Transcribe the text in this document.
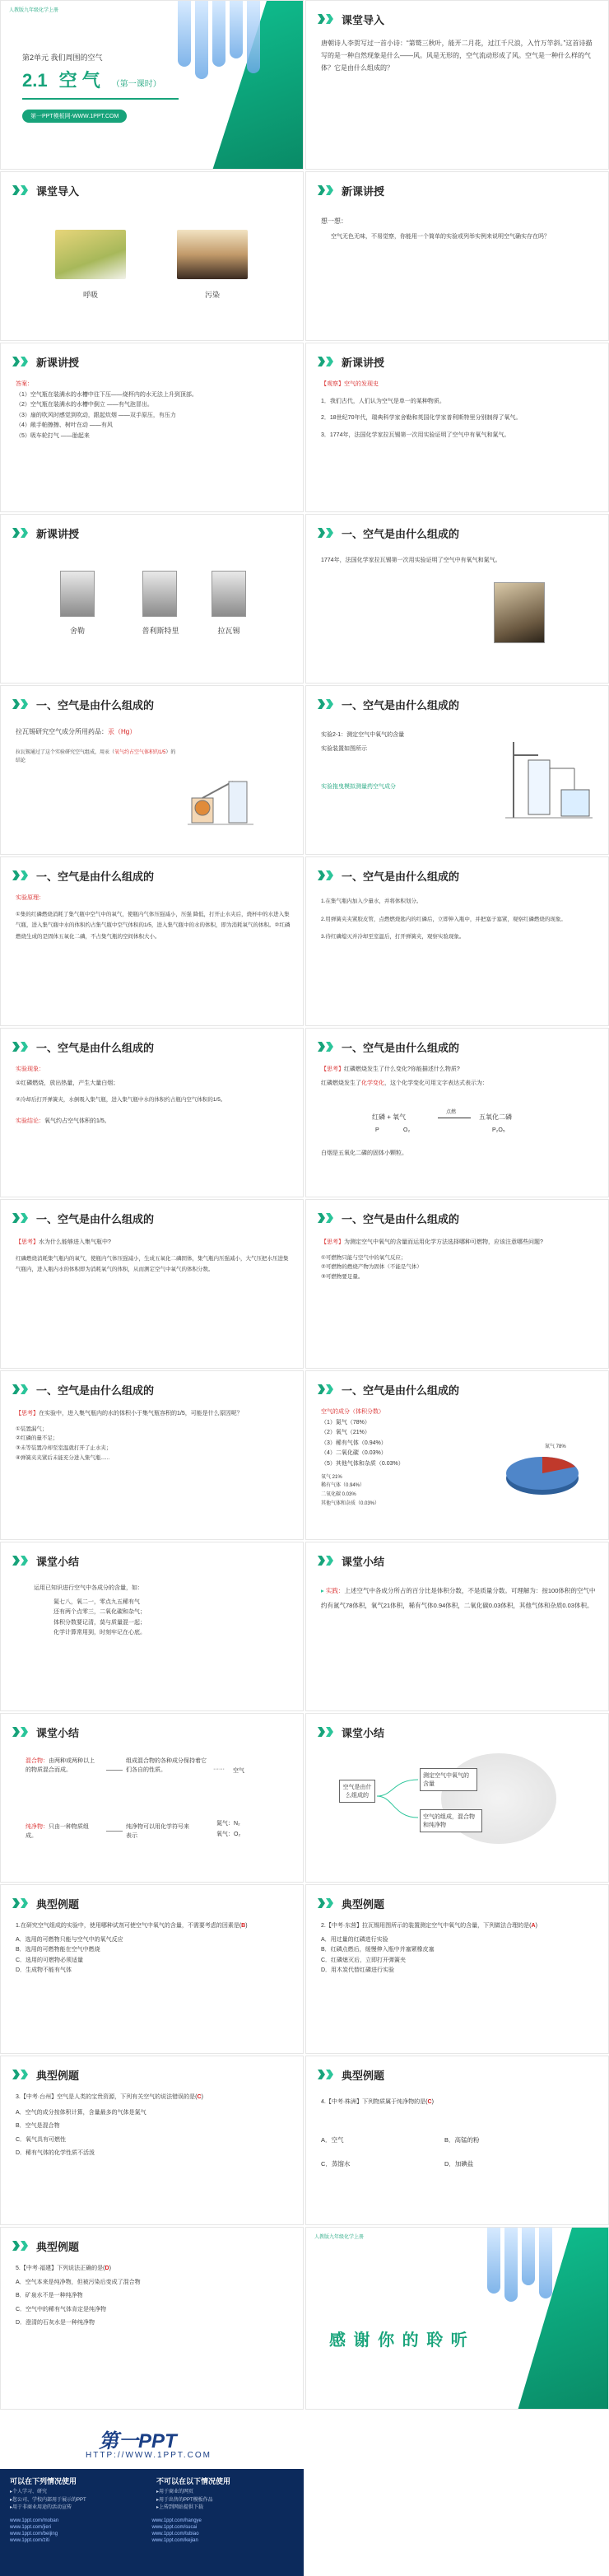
人教版九年级化学上册
第2单元 我们周围的空气
2.1 空 气 （第一课时）
第一PPT模板网-WWW.1PPT.COM
课堂导入
唐朝诗人李贺写过一首小诗：“第鹫三秋叶，能开二月花，过江千尺浪，入竹万竿斜。”这首诗描写的是一种自然现象是什么——风。风是无形的，空气流动形成了风。空气是一种什么样的气体？它是由什么组成的？
课堂导入
呼吸	污染
新课讲授
想一想：
空气无色无味，不易觉察，你能用一个简单的实验或列举实例来说明空气确实存在吗？
新课讲授
答案：
（1）空气瓶在装满水的水槽中往下压——烧杯内的水无法上升到顶部。
（2）空气瓶在装满水的水槽中倒立 ——有气泡冒出。
（3）扇的吹风时感觉到吹动，跟起炊烟 ——双手原压，有压力
（4）敞手帕擦擦、树叶在动 ——有风
（5）吸车轮打气 ——胎起来
新课讲授
【观察】空气的发现史
1．我们古代，人们认为空气是单一的某种物质。
2．18世纪70年代，瑞典科学家舍勒和英国化学家普利斯特里分别制得了氧气。
3．1774年，法国化学家拉瓦锡第一次用实验证明了空气中有氧气和氮气。
新课讲授
舍勒	普利斯特里	拉瓦锡
一、空气是由什么组成的
1774年，法国化学家拉瓦锡第一次用实验证明了空气中有氧气和氮气。
一、空气是由什么组成的
拉瓦锡研究空气成分所用药品：汞（Hg）
拉瓦锡通过了这个实验研究空气组成，用汞（氧气约占空气体积的1/5）的结论
一、空气是由什么组成的
实验2-1：测定空气中氧气的含量
实验装置如图所示
实验拖曳模拟测量药空气成分
一、空气是由什么组成的
实验原理：
①集的红磷燃烧消耗了集气瓶中空气中的氧气，使瓶内气体压强减小，压强 降低，打开止水夹后，烧杯中的水进入集气瓶，进入集气瓶中水的体积约占集气瓶中空气体积的1/5，进入集气瓶中的水的体积，即为消耗氧气的体积。②红磷燃烧生成的是固体五氧化二磷，不占集气瓶的空间体积大小。
一、空气是由什么组成的
1.在集气瓶内加入少量水，并将体积划分。
2.用弹簧夹夹紧胶皮管，点燃燃烧匙内的红磷后，立即伸入瓶中，并把塞子塞紧，观察红磷燃烧的现象。
3.待红磷熄灭并冷却至室温后，打开弹簧夹，观察实验现象。
一、空气是由什么组成的
实验现象：
①红磷燃烧，放出热量，产生大量白烟；
②冷却后打开弹簧夹，水倒吸入集气瓶，进入集气瓶中水的体积约占瓶内空气体积的1/5。
实验结论：氧气约占空气体积的1/5。
一、空气是由什么组成的
【思考】红磷燃烧发生了什么变化?你能描述什么物质?
红磷燃烧发生了化学变化，这个化学变化可用文字表达式表示为：
红磷 + 氧气
点燃
五氧化二磷
P	O₂	P₂O₅
白烟是五氧化二磷的固体小颗粒。
一、空气是由什么组成的
【思考】水为什么能够进入集气瓶中?
红磷燃烧消耗集气瓶内的氧气，使瓶内气体压强减小，生成五氧化二磷固体，集气瓶内压强减小，大气压把水压进集气瓶内，进入瓶内水的体积即为消耗氧气的体积，从而测定空气中氧气的体积分数。
一、空气是由什么组成的
【思考】为测定空气中氧气的含量而运用化学方法选择哪种可燃物，应该注意哪些问题?
①可燃物只能与空气中的氧气反应；
②可燃物的燃烧产物为固体（不能是气体）
③可燃物要足量。
一、空气是由什么组成的
【思考】在实验中，进入集气瓶内的水的体积小于集气瓶容积的1/5，可能是什么原因呢？
①装置漏气；
②红磷的量不足；
③未等装置冷却至室温就打开了止水夹；
④弹簧夹夹紧后未能充分进入集气瓶......
一、空气是由什么组成的
空气的成分（体积分数）
（1）氮气（78%）
（2）氧气（21%）
（3）稀有气体（0.94%）
（4）二氧化碳（0.03%）
（5）其他气体和杂质（0.03%）
氧气 21%
稀有气体（0.94%）
二氧化碳 0.03%
其他气体和杂质（0.03%）
氮气 78%
课堂小结
运用已知识进行空气中各成分的含量，如：
氮七八，氧二一，零点九五稀有气
还有两个点零三，二氧化碳和杂气；
体积分数要记清，莫与质量混一起；
化学计算常用到，时刻牢记在心底。
课堂小结
▸ 实践：上述空气中各成分所占的百分比是体积分数，不是质量分数。可理解为：按100体积的空气中约有氮气78体积，氧气21体积，稀有气体0.94体积，二氧化碳0.03体积，其他气体和杂质0.03体积。
课堂小结
混合物：由两种或两种以上的物质混合而成。
组成混合物的各种成分保持着它们各自的性质。	······ 空气
纯净物：只由一种物质组成。
纯净物可以用化学符号来表示
氮气：N₂
氧气：O₂
课堂小结
空气是由什么组成的
测定空气中氧气的含量
空气的组成，混合物和纯净物
典型例题
1.在研究空气组成的实验中，使用哪种试剂可使空气中氧气的含量，不需要考虑的因素是(B)
A．选用的可燃物只能与空气中的氧气反应
B．选用的可燃物能在空气中燃烧
C．选用的可燃物必须适量
D．生成物不能有气体
典型例题
2.【中考·东营】拉瓦锡用图所示的装置测定空气中氧气的含量，下列做法合理的是(A)
A．用过量的红磷进行实验
B．红磷点燃后，缓慢伸入瓶中并塞紧橡皮塞
C．红磷熄灭后，立即打开弹簧夹
D．用木炭代替红磷进行实验
典型例题
3.【中考·台州】空气是人类的宝贵资源，下列有关空气的说法错误的是(C)
A．空气的成分按体积计算，含量最多的气体是氮气
B．空气是混合物
C．氧气具有可燃性
D．稀有气体的化学性质不活泼
典型例题
4.【中考·株洲】下列物质属于纯净物的是(C)
A．空气	B．高锰的粉
C．蒸馏水	D．加碘盐
典型例题
5.【中考·福建】下列说法正确的是(D)
A．空气本来是纯净物，但被污染后变成了混合物
B．矿泉水不是一种纯净物
C．空气中的稀有气体肯定是纯净物
D．澄清的石灰水是一种纯净物
人教版九年级化学上册
感 谢 你 的 聆 听
第一PPT
HTTP://WWW.1PPT.COM
可以在下列情况使用	不可以在以下情况使用
▸个人学习、研究
▸您公司、学校内部用于展示的PPT
▸用于非商业用途的活动宣传
▸用于商业的网页
▸用于出售的PPT模板作品
▸上传到网站提供下载
www.1ppt.com/moban	www.1ppt.com/hangye
www.1ppt.com/jieri	www.1ppt.com/sucai
www.1ppt.com/beijing	www.1ppt.com/tubiao
www.1ppt.com/ziti	www.1ppt.com/kejian
